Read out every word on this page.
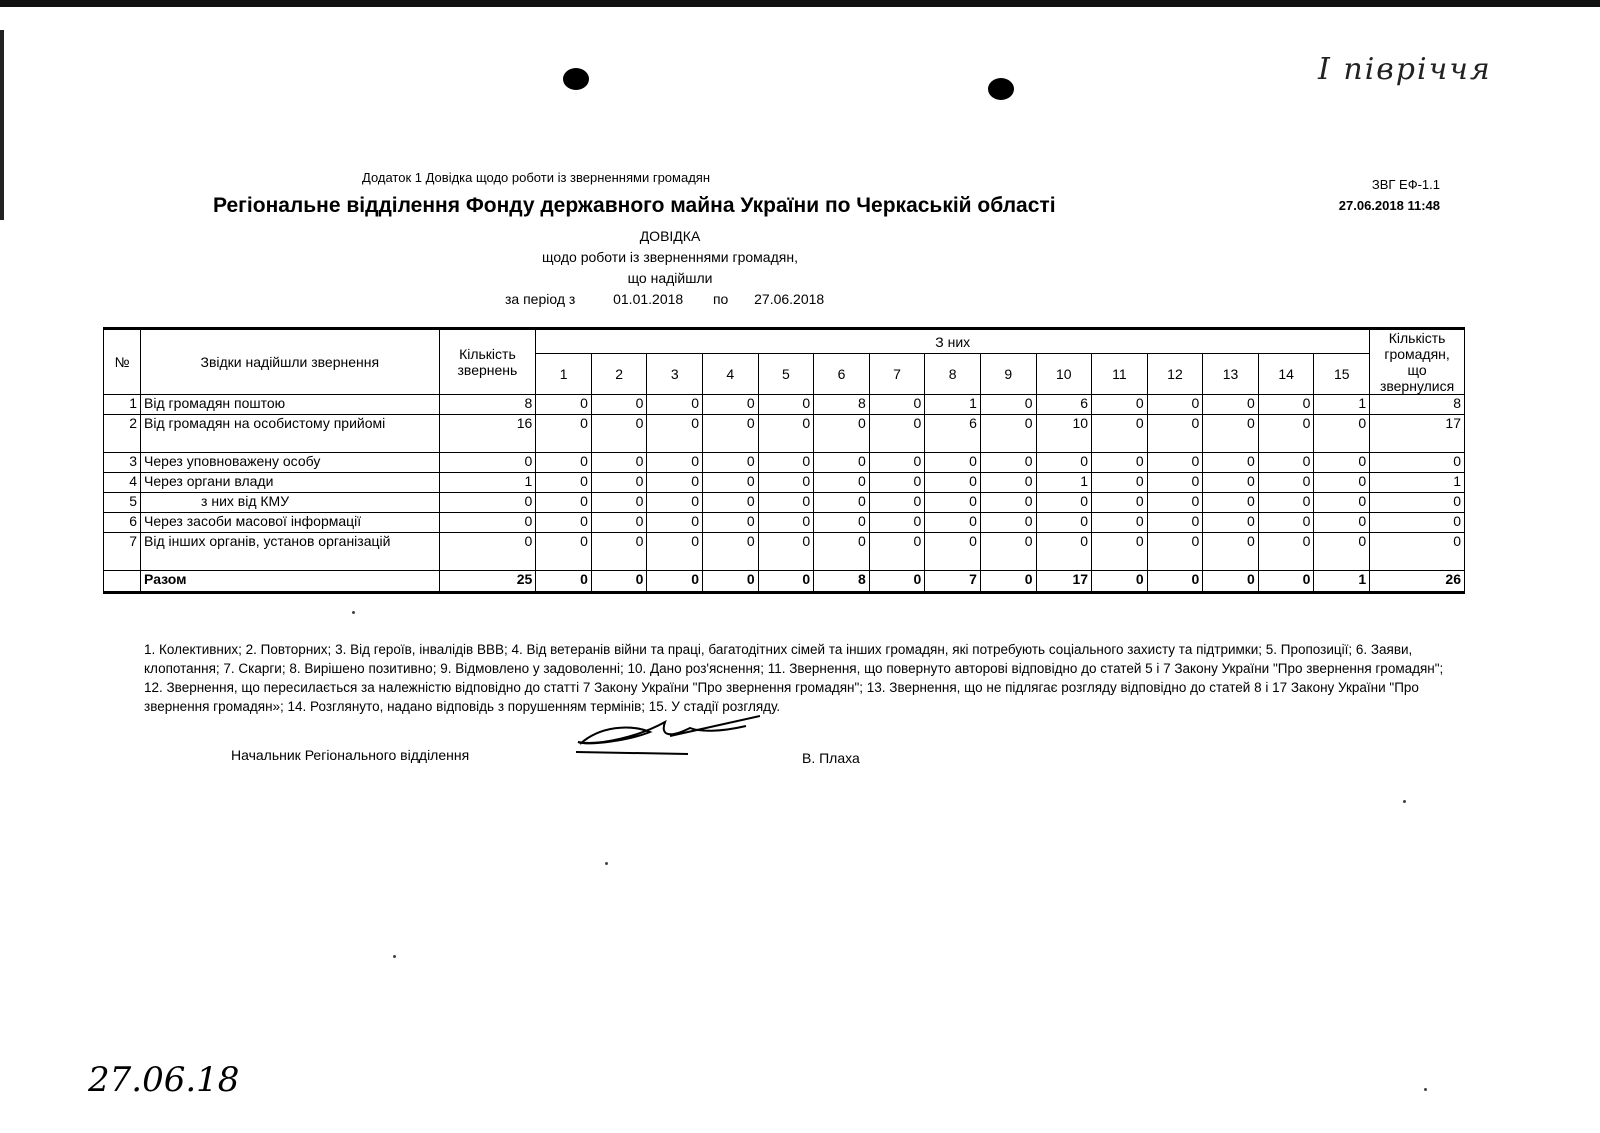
I півріччя
Додаток 1 Довідка щодо роботи із зверненнями громадян
Регіональне відділення Фонду державного майна України по Черкаській області
ЗВГ ЕФ-1.1
27.06.2018 11:48
ДОВІДКА
щодо роботи із зверненнями громадян,
що надійшли
за період з	01.01.2018 по 27.06.2018
№	Звідки надійшли звернення	Кількість звернень	З них															Кількість громадян, що звернулися
			1	2	3	4	5	6	7	8	9	10	11	12	13	14	15	
1	Від громадян поштою	8	0	0	0	0	0	8	0	1	0	6	0	0	0	0	1	8
2	Від громадян на особистому прийомі	16	0	0	0	0	0	0	0	6	0	10	0	0	0	0	0	17
3	Через уповноважену особу	0	0	0	0	0	0	0	0	0	0	0	0	0	0	0	0	0
4	Через органи влади	1	0	0	0	0	0	0	0	0	0	1	0	0	0	0	0	1
5	з них від КМУ	0	0	0	0	0	0	0	0	0	0	0	0	0	0	0	0	0
6	Через засоби масової інформації	0	0	0	0	0	0	0	0	0	0	0	0	0	0	0	0	0
7	Від інших органів, установ організацій	0	0	0	0	0	0	0	0	0	0	0	0	0	0	0	0	0
	Разом	25	0	0	0	0	0	8	0	7	0	17	0	0	0	0	1	26
1. Колективних; 2. Повторних; 3. Від героїв, інвалідів ВВВ; 4. Від ветеранів війни та праці, багатодітних сімей та інших громадян, які потребують соціального захисту та підтримки; 5. Пропозиції; 6. Заяви, клопотання; 7. Скарги; 8. Вирішено позитивно; 9. Відмовлено у задоволенні; 10. Дано роз'яснення; 11. Звернення, що повернуто авторові відповідно до статей 5 і 7 Закону України "Про звернення громадян"; 12. Звернення, що пересилається за належністю відповідно до статті 7 Закону України "Про звернення громадян"; 13. Звернення, що не підлягає розгляду відповідно до статей 8 і 17 Закону України "Про звернення громадян»; 14. Розглянуто, надано відповідь з порушенням термінів; 15. У стадії розгляду.
Начальник Регіонального відділення	В. Плаха
27.06.18
